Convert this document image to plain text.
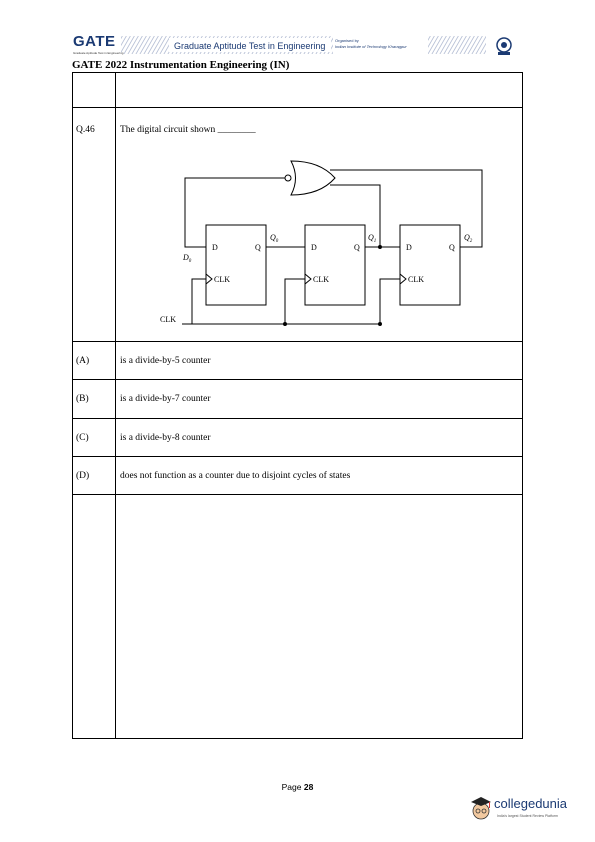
GATE
Graduate Aptitude Test in Engineering
Graduate Aptitude Test in Engineering
Organised by
Indian Institute of Technology Kharagpur
GATE 2022 Instrumentation Engineering (IN)
Q.46	The digital circuit shown ________
D	Q
CLK
D	Q
CLK
D	Q
CLK
CLK
$D_0$
$Q_0$	$Q_1$	$Q_2$
(A)	is a divide-by-5 counter
(B)	is a divide-by-7 counter
(C)	is a divide-by-8 counter
(D)	does not function as a counter due to disjoint cycles of states
Page 28
collegedunia
India's largest Student Review Platform
